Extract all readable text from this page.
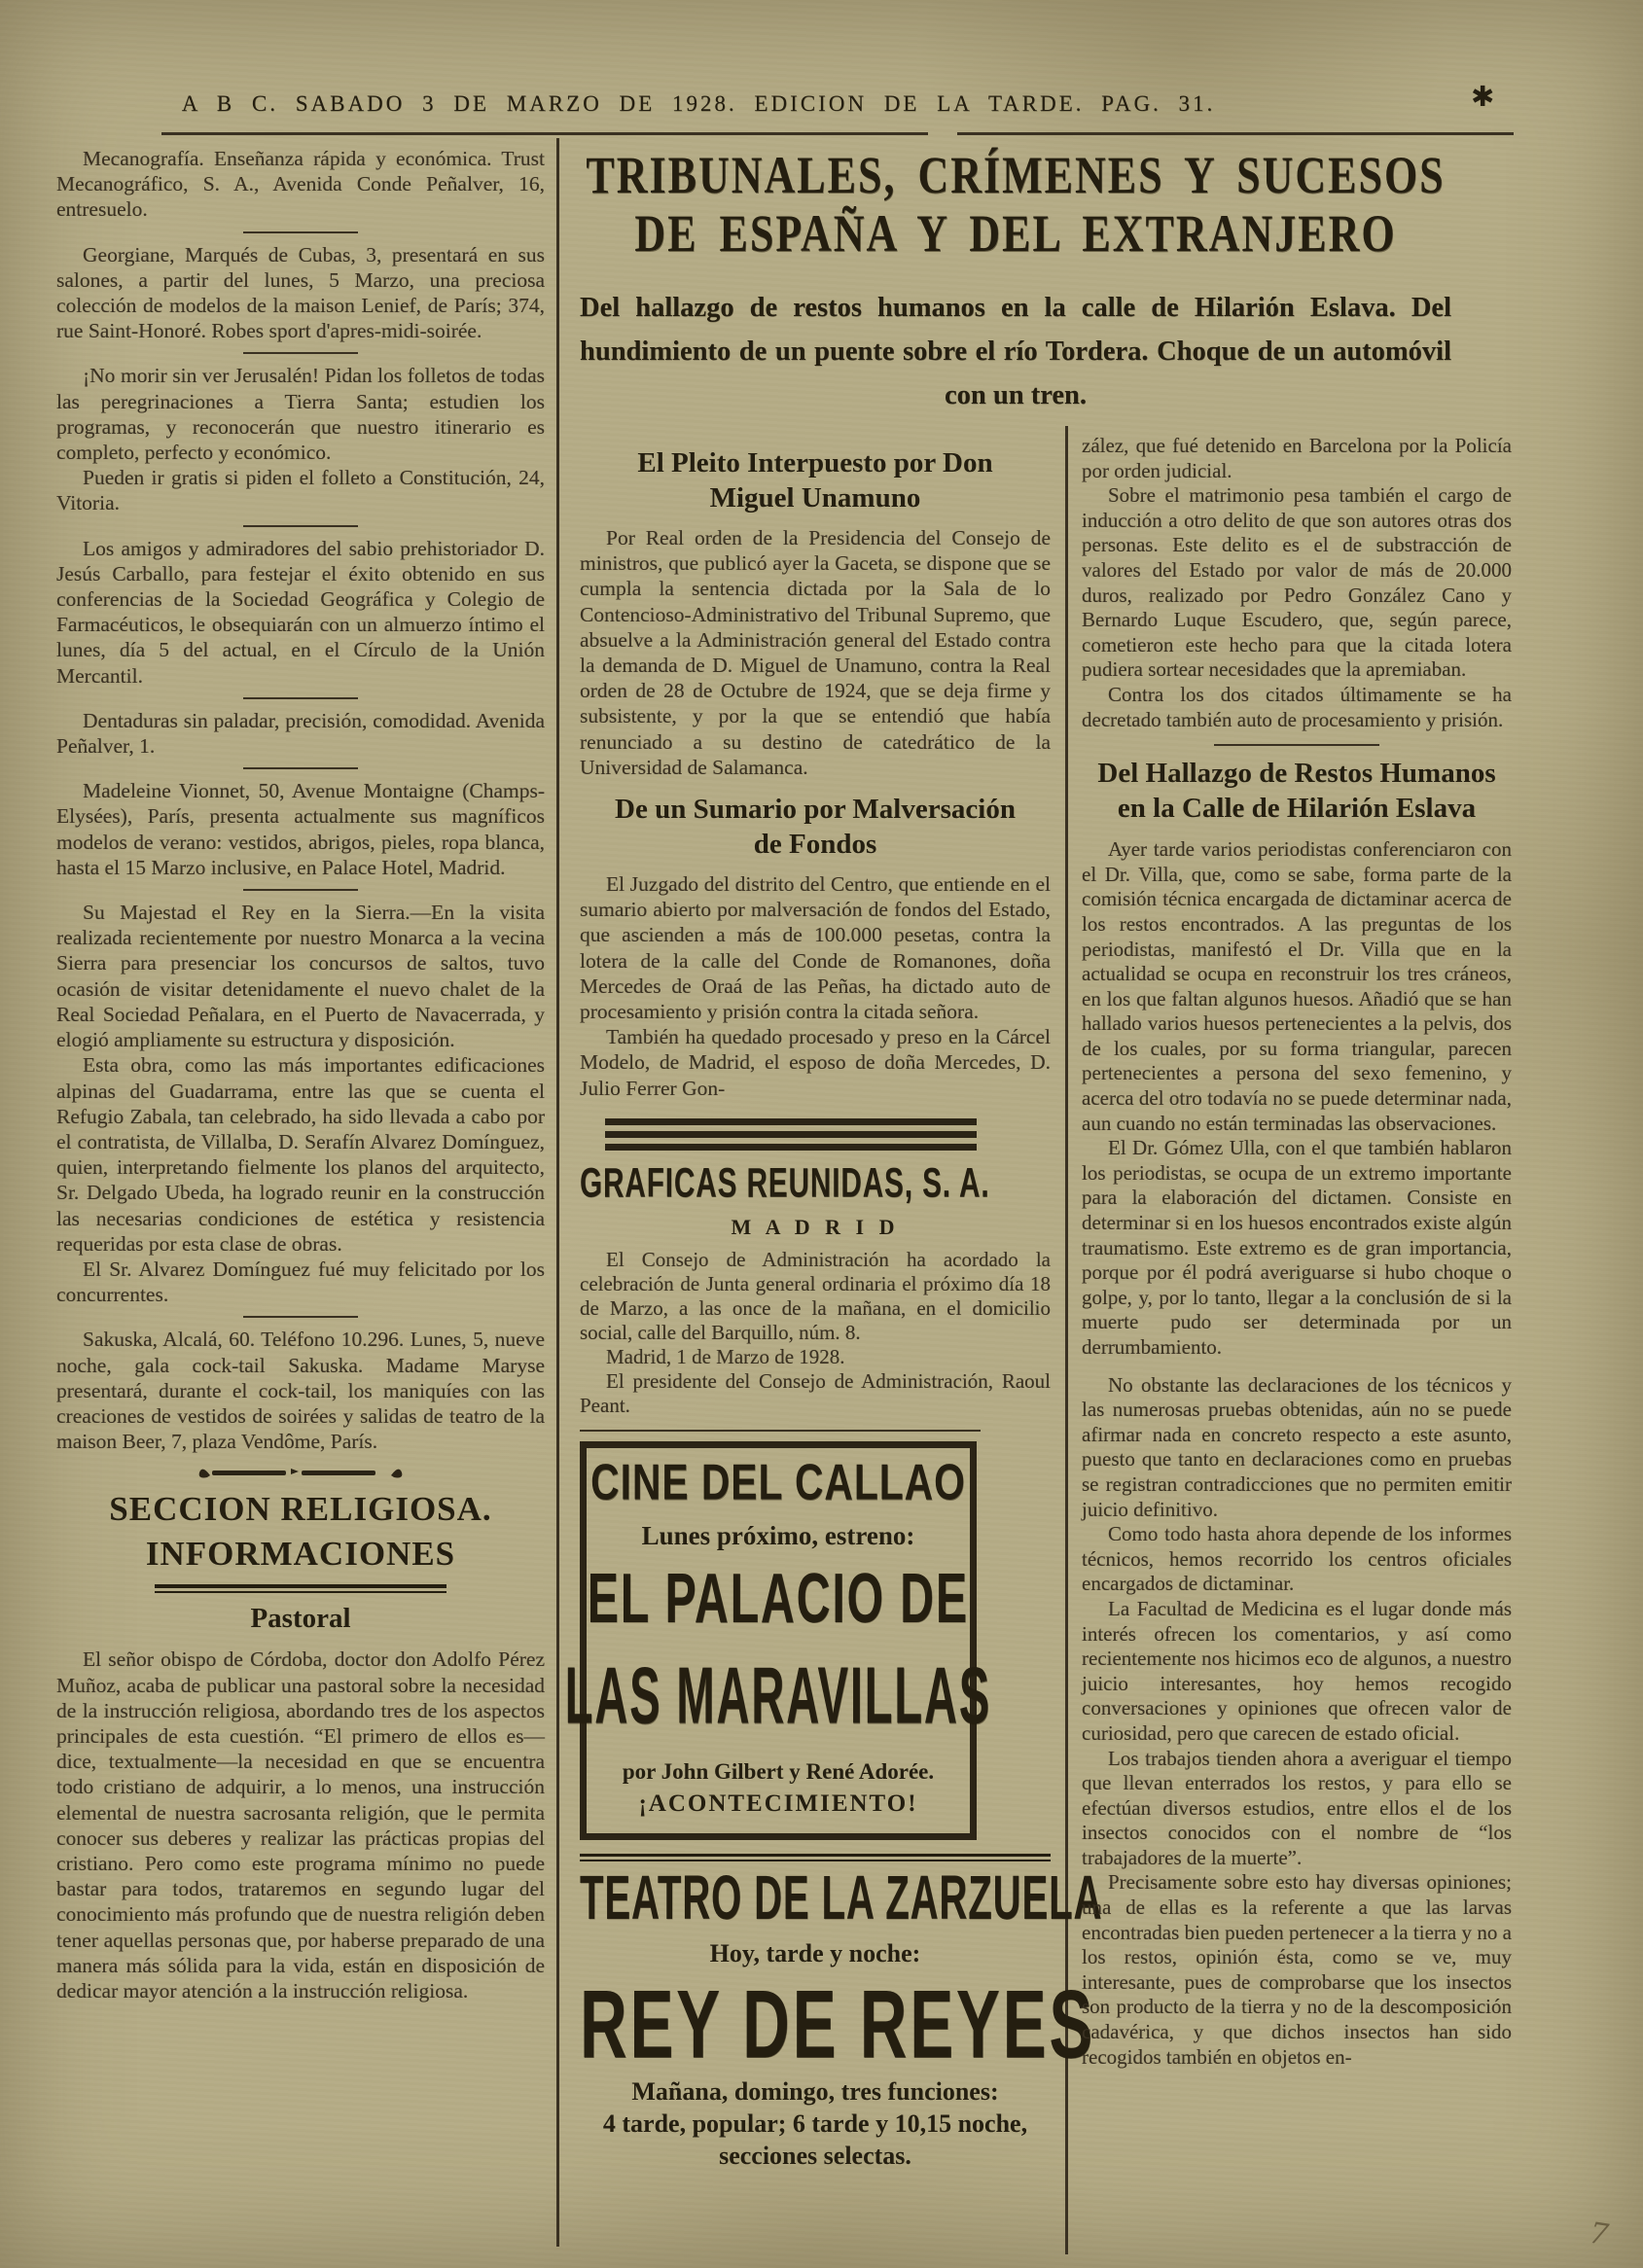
A B C. SABADO 3 DE MARZO DE 1928. EDICION DE LA TARDE. PAG. 31.	✱

Mecanografía. Enseñanza rápida y económica. Trust Mecanográfico, S. A., Avenida Conde Peñalver, 16, entresuelo.

Georgiane, Marqués de Cubas, 3, presentará en sus salones, a partir del lunes, 5 Marzo, una preciosa colección de modelos de la maison Lenief, de París; 374, rue Saint-Honoré. Robes sport d'apres-midi-soirée.

¡No morir sin ver Jerusalén! Pidan los folletos de todas las peregrinaciones a Tierra Santa; estudien los programas, y reconocerán que nuestro itinerario es completo, perfecto y económico.

Pueden ir gratis si piden el folleto a Constitución, 24, Vitoria.

Los amigos y admiradores del sabio prehistoriador D. Jesús Carballo, para festejar el éxito obtenido en sus conferencias de la Sociedad Geográfica y Colegio de Farmacéuticos, le obsequiarán con un almuerzo íntimo el lunes, día 5 del actual, en el Círculo de la Unión Mercantil.

Dentaduras sin paladar, precisión, comodidad. Avenida Peñalver, 1.

Madeleine Vionnet, 50, Avenue Montaigne (Champs-Elysées), París, presenta actualmente sus magníficos modelos de verano: vestidos, abrigos, pieles, ropa blanca, hasta el 15 Marzo inclusive, en Palace Hotel, Madrid.

Su Majestad el Rey en la Sierra.—En la visita realizada recientemente por nuestro Monarca a la vecina Sierra para presenciar los concursos de saltos, tuvo ocasión de visitar detenidamente el nuevo chalet de la Real Sociedad Peñalara, en el Puerto de Navacerrada, y elogió ampliamente su estructura y disposición.

Esta obra, como las más importantes edificaciones alpinas del Guadarrama, entre las que se cuenta el Refugio Zabala, tan celebrado, ha sido llevada a cabo por el contratista, de Villalba, D. Serafín Alvarez Domínguez, quien, interpretando fielmente los planos del arquitecto, Sr. Delgado Ubeda, ha logrado reunir en la construcción las necesarias condiciones de estética y resistencia requeridas por esta clase de obras.

El Sr. Alvarez Domínguez fué muy felicitado por los concurrentes.

Sakuska, Alcalá, 60. Teléfono 10.296. Lunes, 5, nueve noche, gala cock-tail Sakuska. Madame Maryse presentará, durante el cock-tail, los maniquíes con las creaciones de vestidos de soirées y salidas de teatro de la maison Beer, 7, plaza Vendôme, París.

SECCION RELIGIOSA.
INFORMACIONES
Pastoral

El señor obispo de Córdoba, doctor don Adolfo Pérez Muñoz, acaba de publicar una pastoral sobre la necesidad de la instrucción religiosa, abordando tres de los aspectos principales de esta cuestión. “El primero de ellos es—dice, textualmente—la necesidad en que se encuentra todo cristiano de adquirir, a lo menos, una instrucción elemental de nuestra sacrosanta religión, que le permita conocer sus deberes y realizar las prácticas propias del cristiano. Pero como este programa mínimo no puede bastar para todos, trataremos en segundo lugar del conocimiento más profundo que de nuestra religión deben tener aquellas personas que, por haberse preparado de una manera más sólida para la vida, están en disposición de dedicar mayor atención a la instrucción religiosa.

TRIBUNALES, CRÍMENES Y SUCESOS
DE ESPAÑA Y DEL EXTRANJERO

Del hallazgo de restos humanos en la calle de Hilarión Eslava. Del hundimiento de un puente sobre el río Tordera. Choque de un automóvil con un tren.

El Pleito Interpuesto por Don
Miguel Unamuno

Por Real orden de la Presidencia del Consejo de ministros, que publicó ayer la Gaceta, se dispone que se cumpla la sentencia dictada por la Sala de lo Contencioso-Administrativo del Tribunal Supremo, que absuelve a la Administración general del Estado contra la demanda de D. Miguel de Unamuno, contra la Real orden de 28 de Octubre de 1924, que se deja firme y subsistente, y por la que se entendió que había renunciado a su destino de catedrático de la Universidad de Salamanca.

De un Sumario por Malversación
de Fondos

El Juzgado del distrito del Centro, que entiende en el sumario abierto por malversación de fondos del Estado, que ascienden a más de 100.000 pesetas, contra la lotera de la calle del Conde de Romanones, doña Mercedes de Oraá de las Peñas, ha dictado auto de procesamiento y prisión contra la citada señora.

También ha quedado procesado y preso en la Cárcel Modelo, de Madrid, el esposo de doña Mercedes, D. Julio Ferrer Gon-

GRAFICAS REUNIDAS, S. A.
M A D R I D

El Consejo de Administración ha acordado la celebración de Junta general ordinaria el próximo día 18 de Marzo, a las once de la mañana, en el domicilio social, calle del Barquillo, núm. 8.

Madrid, 1 de Marzo de 1928.

El presidente del Consejo de Administración, Raoul Peant.

CINE DEL CALLAO
Lunes próximo, estreno:
EL PALACIO DE
LAS MARAVILLAS
por John Gilbert y René Adorée.
¡ACONTECIMIENTO!
TEATRO DE LA ZARZUELA
Hoy, tarde y noche:
REY DE REYES
Mañana, domingo, tres funciones:
4 tarde, popular; 6 tarde y 10,15 noche,
secciones selectas.

zález, que fué detenido en Barcelona por la Policía por orden judicial.

Sobre el matrimonio pesa también el cargo de inducción a otro delito de que son autores otras dos personas. Este delito es el de substracción de valores del Estado por valor de más de 20.000 duros, realizado por Pedro González Cano y Bernardo Luque Escudero, que, según parece, cometieron este hecho para que la citada lotera pudiera sortear necesidades que la apremiaban.

Contra los dos citados últimamente se ha decretado también auto de procesamiento y prisión.

Del Hallazgo de Restos Humanos
en la Calle de Hilarión Eslava

Ayer tarde varios periodistas conferenciaron con el Dr. Villa, que, como se sabe, forma parte de la comisión técnica encargada de dictaminar acerca de los restos encontrados. A las preguntas de los periodistas, manifestó el Dr. Villa que en la actualidad se ocupa en reconstruir los tres cráneos, en los que faltan algunos huesos. Añadió que se han hallado varios huesos pertenecientes a la pelvis, dos de los cuales, por su forma triangular, parecen pertenecientes a persona del sexo femenino, y acerca del otro todavía no se puede determinar nada, aun cuando no están terminadas las observaciones.

El Dr. Gómez Ulla, con el que también hablaron los periodistas, se ocupa de un extremo importante para la elaboración del dictamen. Consiste en determinar si en los huesos encontrados existe algún traumatismo. Este extremo es de gran importancia, porque por él podrá averiguarse si hubo choque o golpe, y, por lo tanto, llegar a la conclusión de si la muerte pudo ser determinada por un derrumbamiento.

No obstante las declaraciones de los técnicos y las numerosas pruebas obtenidas, aún no se puede afirmar nada en concreto respecto a este asunto, puesto que tanto en declaraciones como en pruebas se registran contradicciones que no permiten emitir juicio definitivo.

Como todo hasta ahora depende de los informes técnicos, hemos recorrido los centros oficiales encargados de dictaminar.

La Facultad de Medicina es el lugar donde más interés ofrecen los comentarios, y así como recientemente nos hicimos eco de algunos, a nuestro juicio interesantes, hoy hemos recogido conversaciones y opiniones que ofrecen valor de curiosidad, pero que carecen de estado oficial.

Los trabajos tienden ahora a averiguar el tiempo que llevan enterrados los restos, y para ello se efectúan diversos estudios, entre ellos el de los insectos conocidos con el nombre de “los trabajadores de la muerte”.

Precisamente sobre esto hay diversas opiniones; una de ellas es la referente a que las larvas encontradas bien pueden pertenecer a la tierra y no a los restos, opinión ésta, como se ve, muy interesante, pues de comprobarse que los insectos son producto de la tierra y no de la descomposición cadavérica, y que dichos insectos han sido recogidos también en objetos en-

7
